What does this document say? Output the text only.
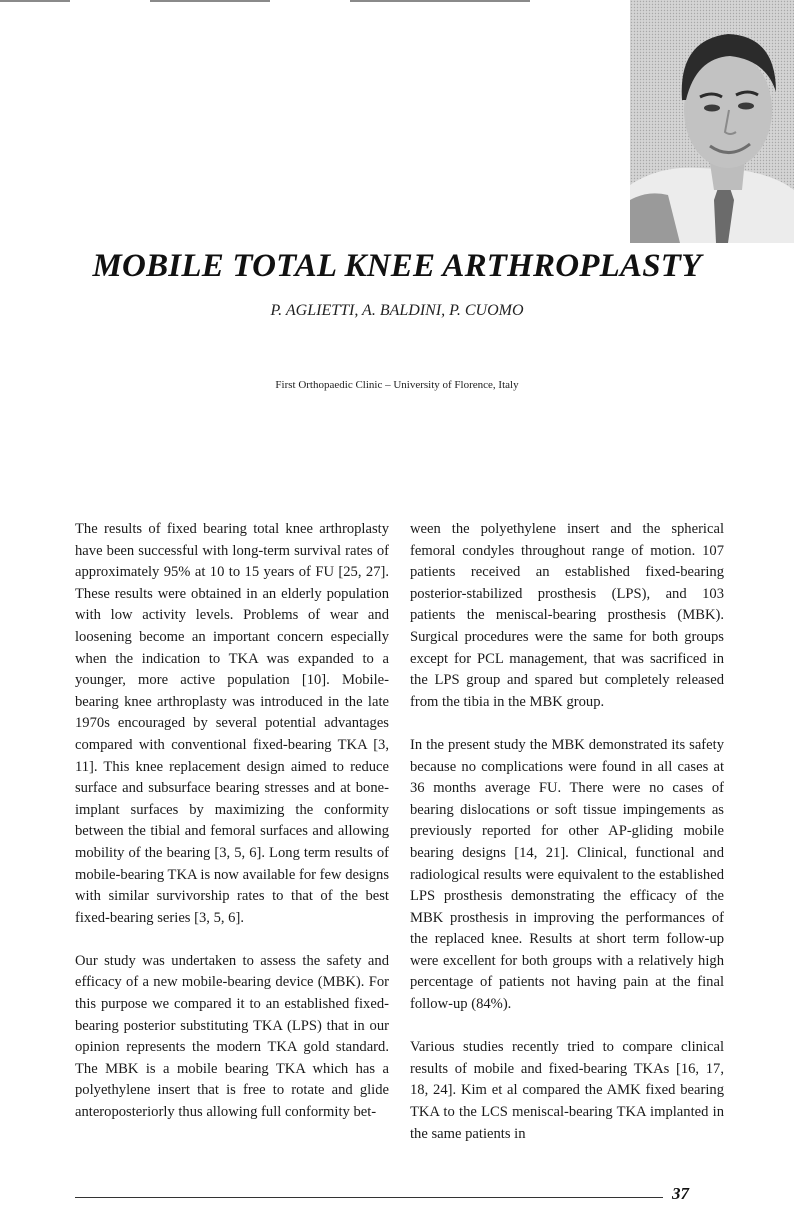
MOBILE TOTAL KNEE ARTHROPLASTY
P. AGLIETTI, A. BALDINI, P. CUOMO
First Orthopaedic Clinic – University of Florence, Italy

The results of fixed bearing total knee arthroplasty have been successful with long-term survival rates of approximately 95% at 10 to 15 years of FU [25, 27]. These results were obtained in an elderly population with low activity levels. Problems of wear and loosening become an important concern especially when the indication to TKA was expanded to a younger, more active population [10]. Mobile-bearing knee arthroplasty was introduced in the late 1970s encouraged by several potential advantages compared with conventional fixed-bearing TKA [3, 11]. This knee replacement design aimed to reduce surface and subsurface bearing stresses and at bone-implant surfaces by maximizing the conformity between the tibial and femoral surfaces and allowing mobility of the bearing [3, 5, 6]. Long term results of mobile-bearing TKA is now available for few designs with similar survivorship rates to that of the best fixed-bearing series [3, 5, 6].

Our study was undertaken to assess the safety and efficacy of a new mobile-bearing device (MBK). For this purpose we compared it to an established fixed-bearing posterior substituting TKA (LPS) that in our opinion represents the modern TKA gold standard. The MBK is a mobile bearing TKA which has a polyethylene insert that is free to rotate and glide anteroposteriorly thus allowing full conformity bet-

ween the polyethylene insert and the spherical femoral condyles throughout range of motion. 107 patients received an established fixed-bearing posterior-stabilized prosthesis (LPS), and 103 patients the meniscal-bearing prosthesis (MBK). Surgical procedures were the same for both groups except for PCL management, that was sacrificed in the LPS group and spared but completely released from the tibia in the MBK group.

In the present study the MBK demonstrated its safety because no complications were found in all cases at 36 months average FU. There were no cases of bearing dislocations or soft tissue impingements as previously reported for other AP-gliding mobile bearing designs [14, 21]. Clinical, functional and radiological results were equivalent to the established LPS prosthesis demonstrating the efficacy of the MBK prosthesis in improving the performances of the replaced knee. Results at short term follow-up were excellent for both groups with a relatively high percentage of patients not having pain at the final follow-up (84%).

Various studies recently tried to compare clinical results of mobile and fixed-bearing TKAs [16, 17, 18, 24]. Kim et al compared the AMK fixed bearing TKA to the LCS meniscal-bearing TKA implanted in the same patients in

37
